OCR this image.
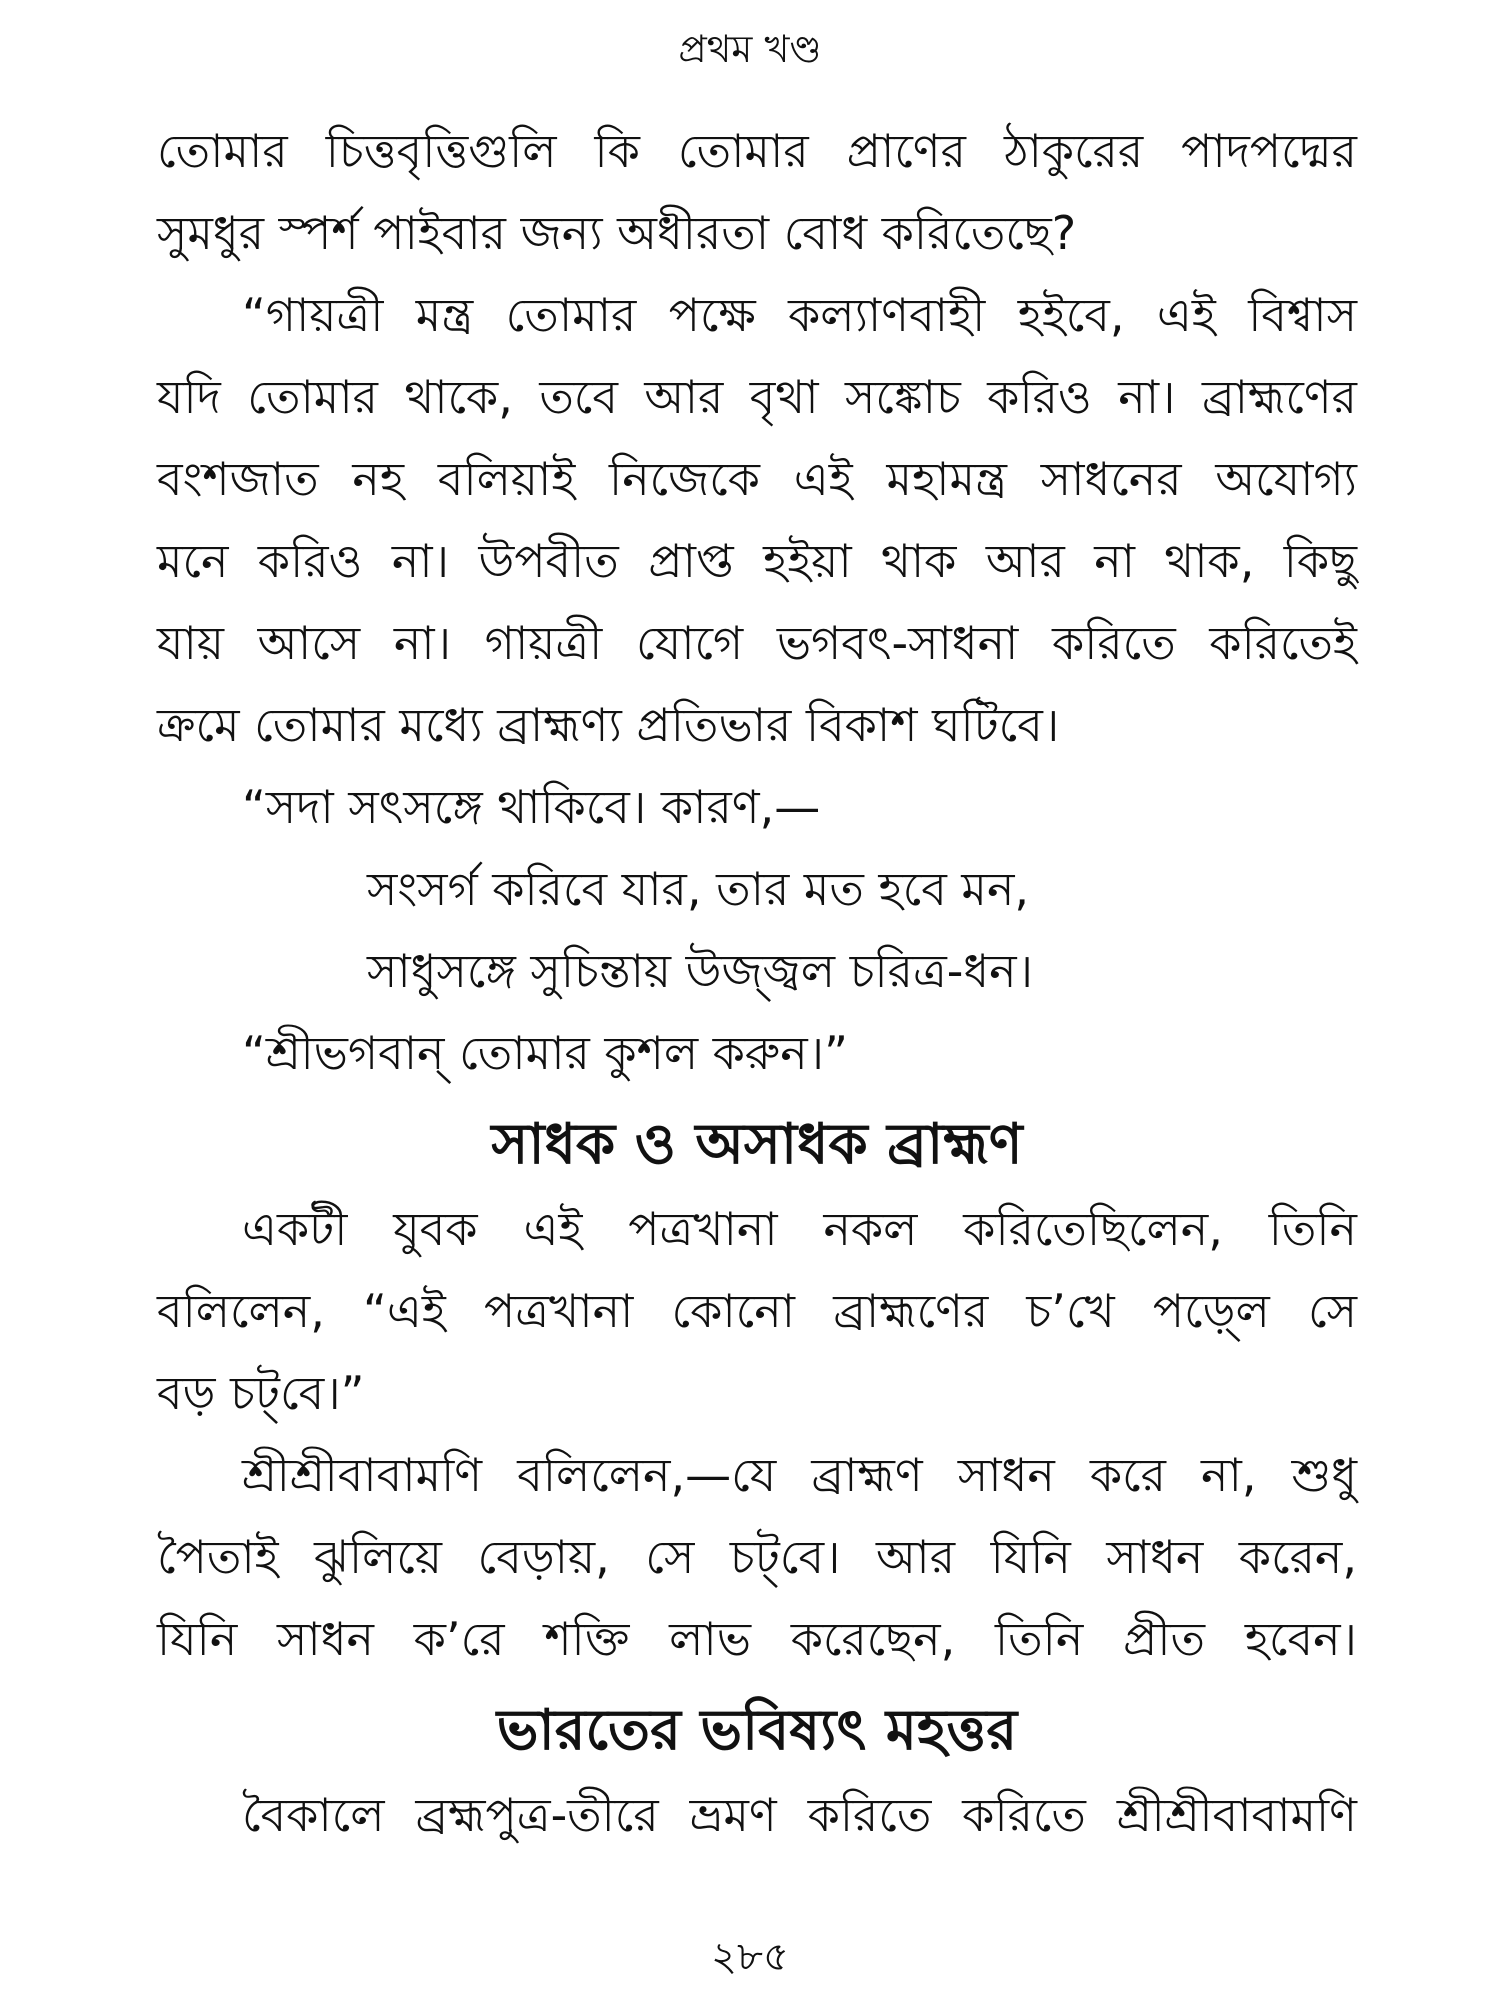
প্রথম খণ্ড
তোমার চিত্তবৃত্তিগুলি কি তোমার প্রাণের ঠাকুরের পাদপদ্মের
সুমধুর স্পর্শ পাইবার জন্য অধীরতা বোধ করিতেছে?
“গায়ত্রী মন্ত্র তোমার পক্ষে কল্যাণবাহী হইবে, এই বিশ্বাস
যদি তোমার থাকে, তবে আর বৃথা সঙ্কোচ করিও না। ব্রাহ্মণের
বংশজাত নহ বলিয়াই নিজেকে এই মহামন্ত্র সাধনের অযোগ্য
মনে করিও না। উপবীত প্রাপ্ত হইয়া থাক আর না থাক, কিছু
যায় আসে না। গায়ত্রী যোগে ভগবৎ-সাধনা করিতে করিতেই
ক্রমে তোমার মধ্যে ব্রাহ্মণ্য প্রতিভার বিকাশ ঘটিবে।
“সদা সৎসঙ্গে থাকিবে। কারণ,—
সংসর্গ করিবে যার, তার মত হবে মন,
সাধুসঙ্গে সুচিন্তায় উজ্জ্বল চরিত্র-ধন।
“শ্রীভগবান্ তোমার কুশল করুন।”
সাধক ও অসাধক ব্রাহ্মণ
একটী যুবক এই পত্রখানা নকল করিতেছিলেন, তিনি
বলিলেন, “এই পত্রখানা কোনো ব্রাহ্মণের চ’খে পড়্লে সে
বড় চট্‌বে।”
শ্রীশ্রীবাবামণি বলিলেন,—যে ব্রাহ্মণ সাধন করে না, শুধু
পৈতাই ঝুলিয়ে বেড়ায়, সে চট্‌বে। আর যিনি সাধন করেন,
যিনি সাধন ক’রে শক্তি লাভ করেছেন, তিনি প্রীত হবেন।
ভারতের ভবিষ্যৎ মহত্তর
বৈকালে ব্রহ্মপুত্র-তীরে ভ্রমণ করিতে করিতে শ্রীশ্রীবাবামণি
২৮৫
